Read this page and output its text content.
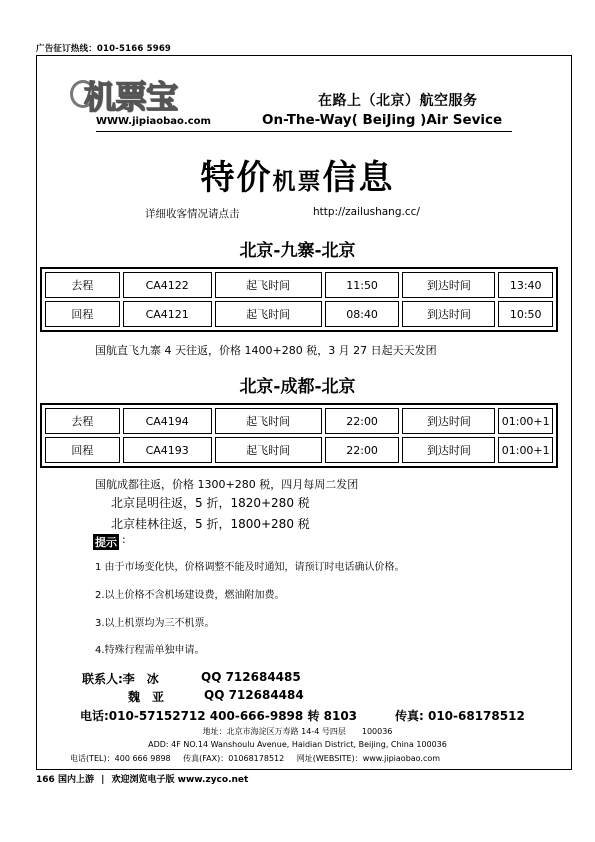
广告征订热线：010-5166 5969
机票宝
WWW.jipiaobao.com
在路上（北京）航空服务
On-The-Way( BeiJing )Air Sevice
特价机票信息
详细收客情况请点击	http://zailushang.cc/
北京-九寨-北京
去程	CA4122	起飞时间	11:50	到达时间	13:40
回程	CA4121	起飞时间	08:40	到达时间	10:50
国航直飞九寨 4 天往返，价格 1400+280 税，3 月 27 日起天天发团
北京-成都-北京
去程	CA4194	起飞时间	22:00	到达时间	01:00+1
回程	CA4193	起飞时间	22:00	到达时间	01:00+1
国航成都往返，价格 1300+280 税，四月每周二发团
北京昆明往返，5 折，1820+280 税
北京桂林往返，5 折，1800+280 税
提示 :
1 由于市场变化快，价格调整不能及时通知，请预订时电话确认价格。
2.以上价格不含机场建设费，燃油附加费。
3.以上机票均为三不机票。
4.特殊行程需单独申请。
联系人:李　冰	QQ 712684485
魏　亚	QQ 712684484
电话:010-57152712 400-666-9898 转 8103	传真: 010-68178512
地址：北京市海淀区万寿路 14-4 号四层　　100036
ADD: 4F NO.14 Wanshoulu Avenue, Haidian District, Beijing, China 100036
电话(TEL)：400 666 9898 传真(FAX)：01068178512 网址(WEBSITE)：www.jipiaobao.com
166 国内上游 | 欢迎浏览电子版 www.zyco.net
